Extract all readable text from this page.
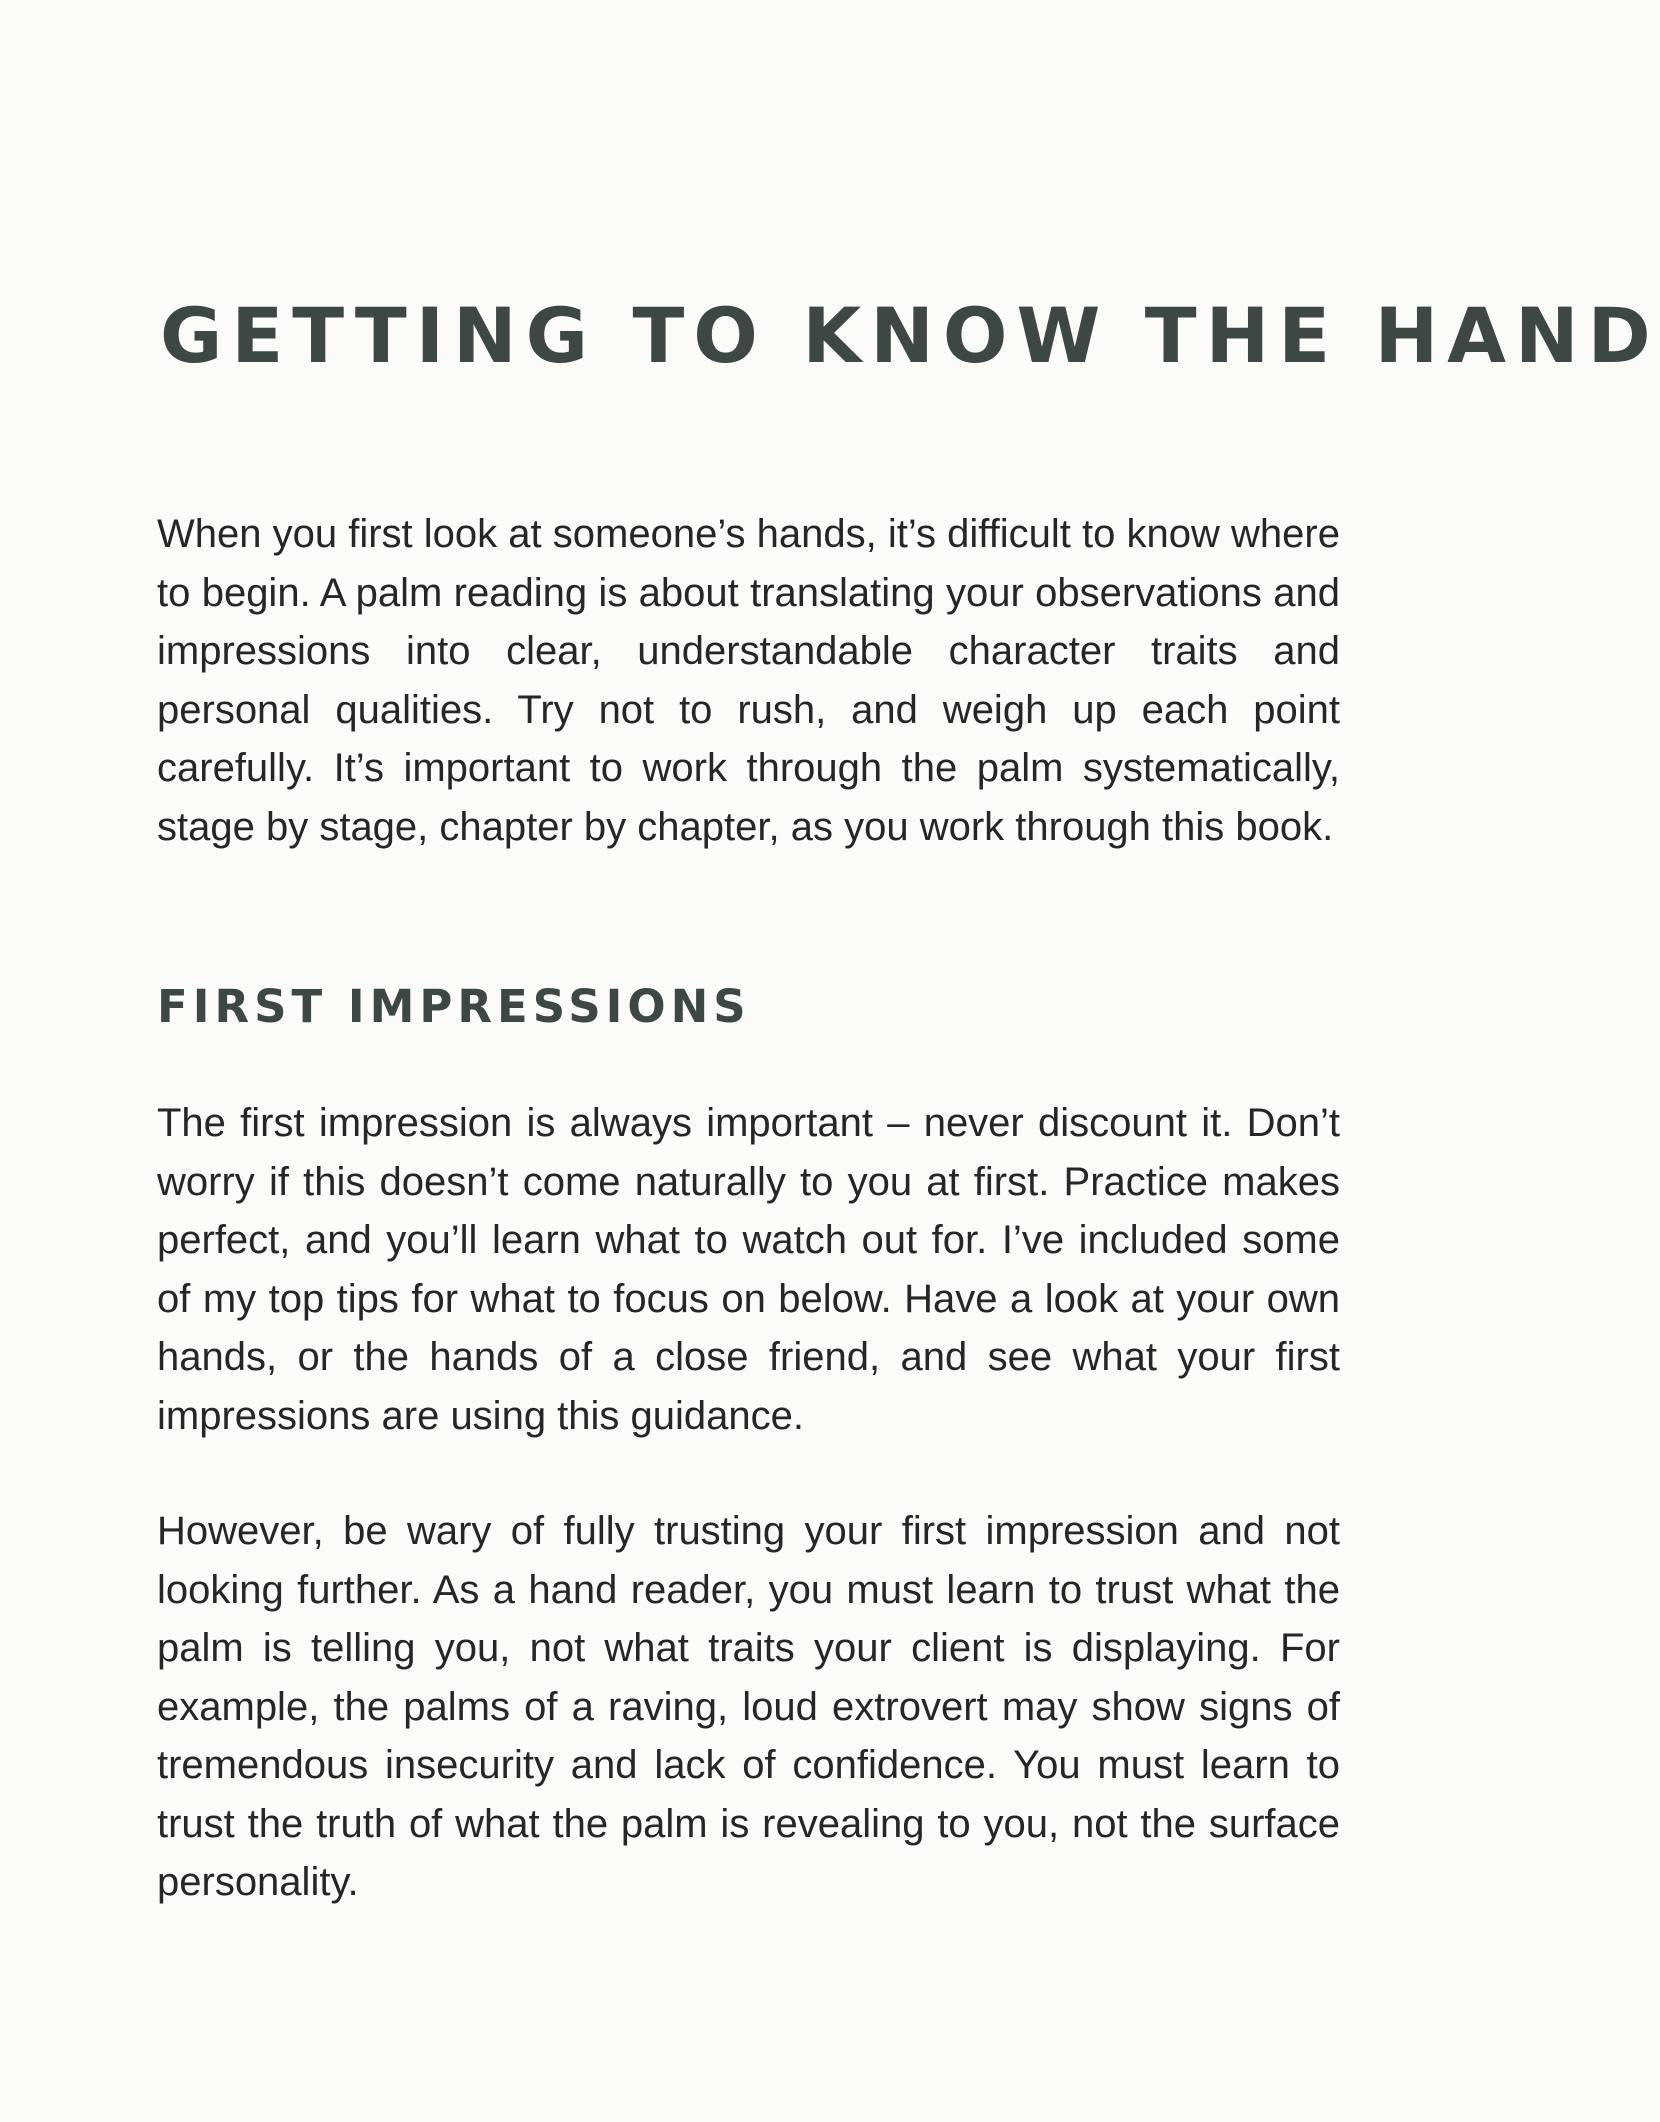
GETTING TO KNOW THE HAND

When you first look at someone’s hands, it’s difficult to know where to begin. A palm reading is about translating your observations and impressions into clear, understandable character traits and personal qualities. Try not to rush, and weigh up each point carefully. It’s important to work through the palm systematically, stage by stage, chapter by chapter, as you work through this book.

FIRST IMPRESSIONS

The first impression is always important – never discount it. Don’t worry if this doesn’t come naturally to you at first. Practice makes perfect, and you’ll learn what to watch out for. I’ve included some of my top tips for what to focus on below. Have a look at your own hands, or the hands of a close friend, and see what your first impressions are using this guidance.

However, be wary of fully trusting your first impression and not looking further. As a hand reader, you must learn to trust what the palm is telling you, not what traits your client is displaying. For example, the palms of a raving, loud extrovert may show signs of tremendous insecurity and lack of confidence. You must learn to trust the truth of what the palm is revealing to you, not the surface personality.
